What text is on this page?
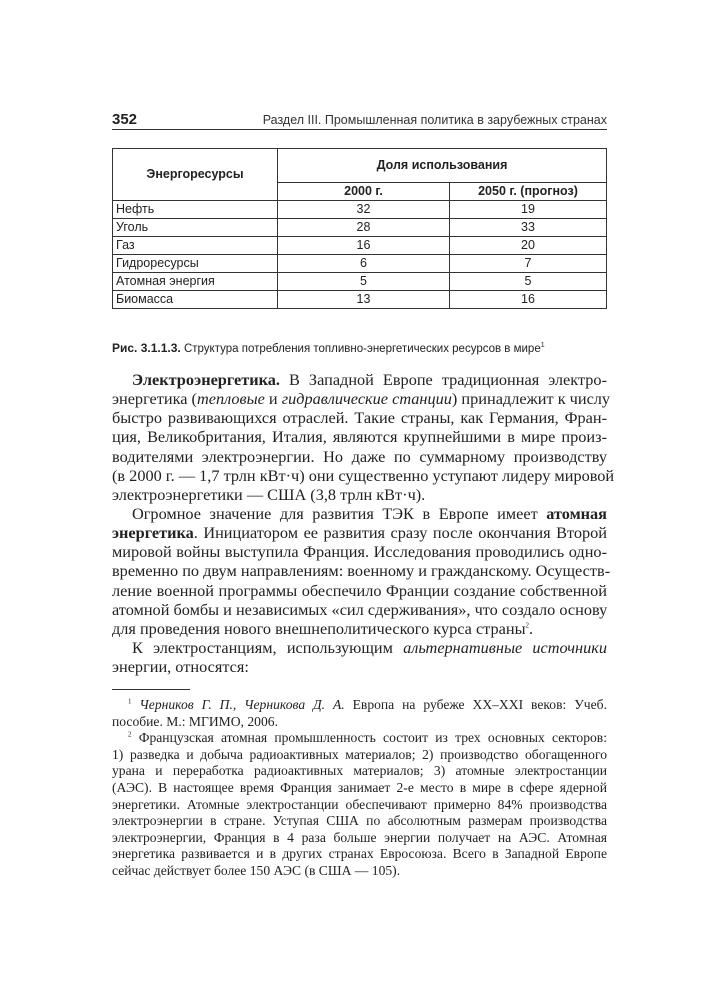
352	Раздел III. Промышленная политика в зарубежных странах
Энергоресурсы	Доля использования	
	2000 г.	2050 г. (прогноз)
Нефть	32	19
Уголь	28	33
Газ	16	20
Гидроресурсы	6	7
Атомная энергия	5	5
Биомасса	13	16
Рис. 3.1.1.3. Структура потребления топливно-энергетических ресурсов в мире$^1$
Электроэнергетика. В Западной Европе традиционная электро-
энергетика (тепловые и гидравлические станции) принадлежит к числу
быстро развивающихся отраслей. Такие страны, как Германия, Фран-
ция, Великобритания, Италия, являются крупнейшими в мире произ-
водителями электроэнергии. Но даже по суммарному производству
(в 2000 г. — 1,7 трлн кВт·ч) они существенно уступают лидеру мировой
электроэнергетики — США (3,8 трлн кВт·ч).
Огромное значение для развития ТЭК в Европе имеет атомная
энергетика. Инициатором ее развития сразу после окончания Второй
мировой войны выступила Франция. Исследования проводились одно-
временно по двум направлениям: военному и гражданскому. Осуществ-
ление военной программы обеспечило Франции создание собственной
атомной бомбы и независимых «сил сдерживания», что создало основу
для проведения нового внешнеполитического курса страны$^2$.
К электростанциям, использующим альтернативные источники
энергии, относятся:
$^1$ Черников Г. П., Черникова Д. А. Европа на рубеже XX–XXI веков: Учеб.
пособие. М.: МГИМО, 2006.
$^2$ Французская атомная промышленность состоит из трех основных секторов:
1) разведка и добыча радиоактивных материалов; 2) производство обогащенного
урана и переработка радиоактивных материалов; 3) атомные электростанции
(АЭС). В настоящее время Франция занимает 2-е место в мире в сфере ядерной
энергетики. Атомные электростанции обеспечивают примерно 84% производства
электроэнергии в стране. Уступая США по абсолютным размерам производства
электроэнергии, Франция в 4 раза больше энергии получает на АЭС. Атомная
энергетика развивается и в других странах Евросоюза. Всего в Западной Европе
сейчас действует более 150 АЭС (в США — 105).
